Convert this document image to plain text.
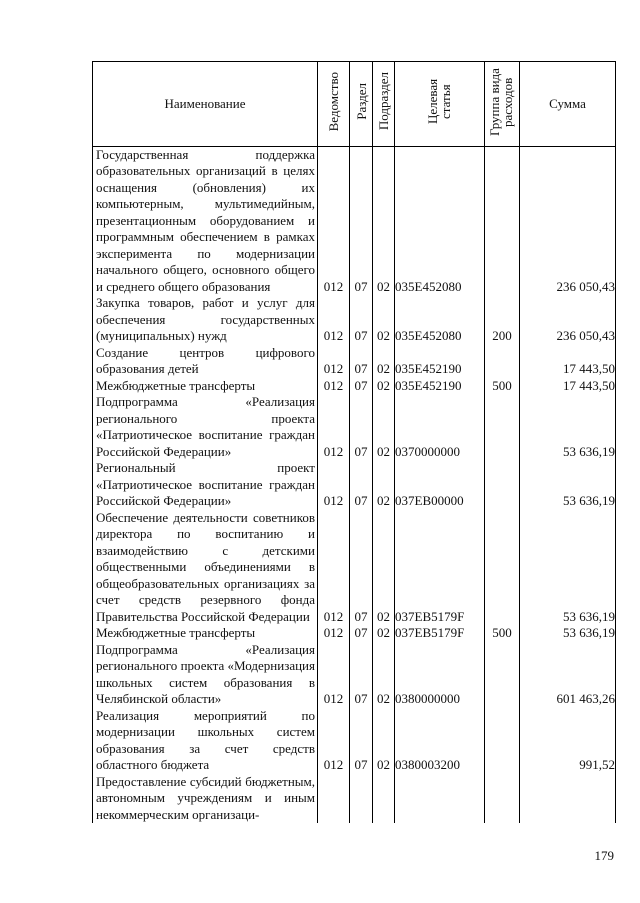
Наименование	Ведомство	Раздел	Подраздел	Целевая статья	Группа вида расходов	Сумма
Государственная поддержка образовательных организаций в целях оснащения (обновления) их компьютерным, мультимедийным, презентационным оборудованием и программным обеспечением в рамках эксперимента по модернизации начального общего, основного общего и среднего общего образования	012	07	02	035E452080		236 050,43
Закупка товаров, работ и услуг для обеспечения государственных (муниципальных) нужд	012	07	02	035E452080	200	236 050,43
Создание центров цифрового образования детей	012	07	02	035E452190		17 443,50
Межбюджетные трансферты	012	07	02	035E452190	500	17 443,50
Подпрограмма «Реализация регионального проекта «Патриотическое воспитание граждан Российской Федерации»	012	07	02	0370000000		53 636,19
Региональный проект «Патриотическое воспитание граждан Российской Федерации»	012	07	02	037EB00000		53 636,19
Обеспечение деятельности советников директора по воспитанию и взаимодействию с детскими общественными объединениями в общеобразовательных организациях за счет средств резервного фонда Правительства Российской Федерации	012	07	02	037EB5179F		53 636,19
Межбюджетные трансферты	012	07	02	037EB5179F	500	53 636,19
Подпрограмма «Реализация регионального проекта «Модернизация школьных систем образования в Челябинской области»	012	07	02	0380000000		601 463,26
Реализация мероприятий по модернизации школьных систем образования за счет средств областного бюджета	012	07	02	0380003200		991,52
Предоставление субсидий бюджетным, автономным учреждениям и иным некоммерческим организаци-						
179
